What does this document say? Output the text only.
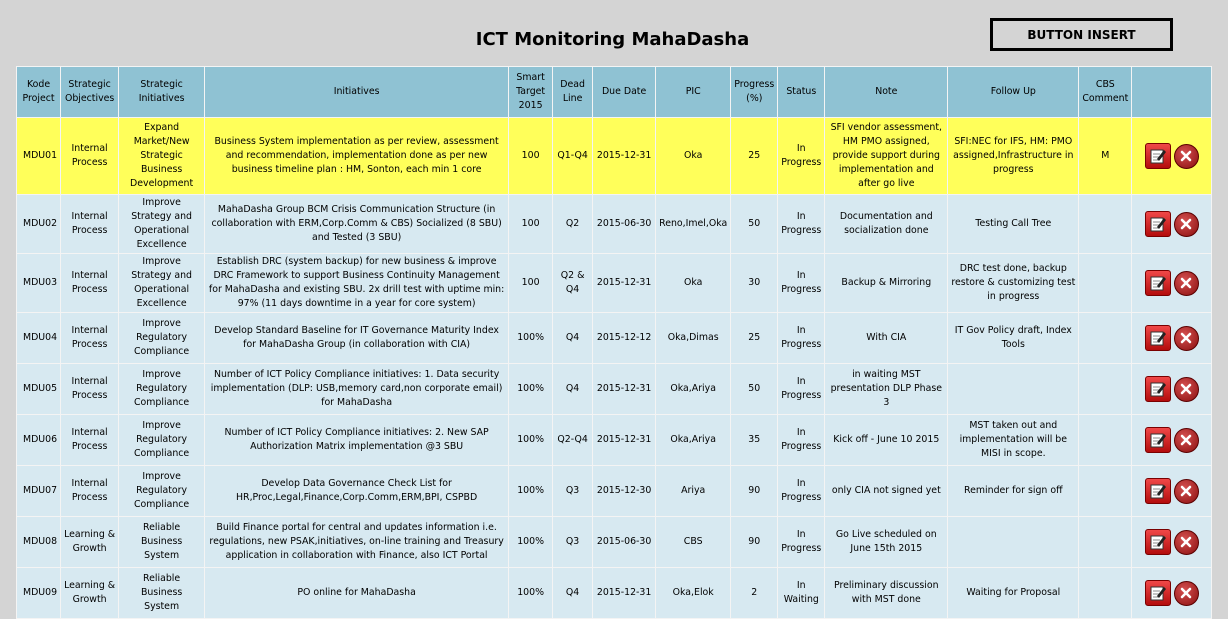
ICT Monitoring MahaDasha	BUTTON INSERT
Kode Project	Strategic Objectives	Strategic Initiatives	Initiatives	Smart Target 2015	Dead Line	Due Date	PIC	Progress (%)	Status	Note	Follow Up	CBS Comment	
MDU01	Internal Process	Expand Market/New Strategic Business Development	Business System implementation as per review, assessment and recommendation, implementation done as per new business timeline plan : HM, Sonton, each min 1 core	100	Q1-Q4	2015-12-31	Oka	25	In Progress	SFI vendor assessment, HM PMO assigned, provide support during implementation and after go live	SFI:NEC for IFS, HM: PMO assigned,Infrastructure in progress	M	

MDU02	Internal Process	Improve Strategy and Operational Excellence	MahaDasha Group BCM Crisis Communication Structure (in collaboration with ERM,Corp.Comm & CBS) Socialized (8 SBU) and Tested (3 SBU)	100	Q2	2015-06-30	Reno,Imel,Oka	50	In Progress	Documentation and socialization done	Testing Call Tree		

MDU03	Internal Process	Improve Strategy and Operational Excellence	Establish DRC (system backup) for new business & improve DRC Framework to support Business Continuity Management for MahaDasha and existing SBU. 2x drill test with uptime min: 97% (11 days downtime in a year for core system)	100	Q2 & Q4	2015-12-31	Oka	30	In Progress	Backup & Mirroring	DRC test done, backup restore & customizing test in progress		

MDU04	Internal Process	Improve Regulatory Compliance	Develop Standard Baseline for IT Governance Maturity Index for MahaDasha Group (in collaboration with CIA)	100%	Q4	2015-12-12	Oka,Dimas	25	In Progress	With CIA	IT Gov Policy draft, Index Tools		

MDU05	Internal Process	Improve Regulatory Compliance	Number of ICT Policy Compliance initiatives: 1. Data security implementation (DLP: USB,memory card,non corporate email) for MahaDasha	100%	Q4	2015-12-31	Oka,Ariya	50	In Progress	in waiting MST presentation DLP Phase 3			

MDU06	Internal Process	Improve Regulatory Compliance	Number of ICT Policy Compliance initiatives: 2. New SAP Authorization Matrix implementation @3 SBU	100%	Q2-Q4	2015-12-31	Oka,Ariya	35	In Progress	Kick off - June 10 2015	MST taken out and implementation will be MISI in scope.		

MDU07	Internal Process	Improve Regulatory Compliance	Develop Data Governance Check List for HR,Proc,Legal,Finance,Corp.Comm,ERM,BPI, CSPBD	100%	Q3	2015-12-30	Ariya	90	In Progress	only CIA not signed yet	Reminder for sign off		

MDU08	Learning & Growth	Reliable Business System	Build Finance portal for central and updates information i.e. regulations, new PSAK,initiatives, on-line training and Treasury application in collaboration with Finance, also ICT Portal	100%	Q3	2015-06-30	CBS	90	In Progress	Go Live scheduled on June 15th 2015			

MDU09	Learning & Growth	Reliable Business System	PO online for MahaDasha	100%	Q4	2015-12-31	Oka,Elok	2	In Waiting	Preliminary discussion with MST done	Waiting for Proposal		
